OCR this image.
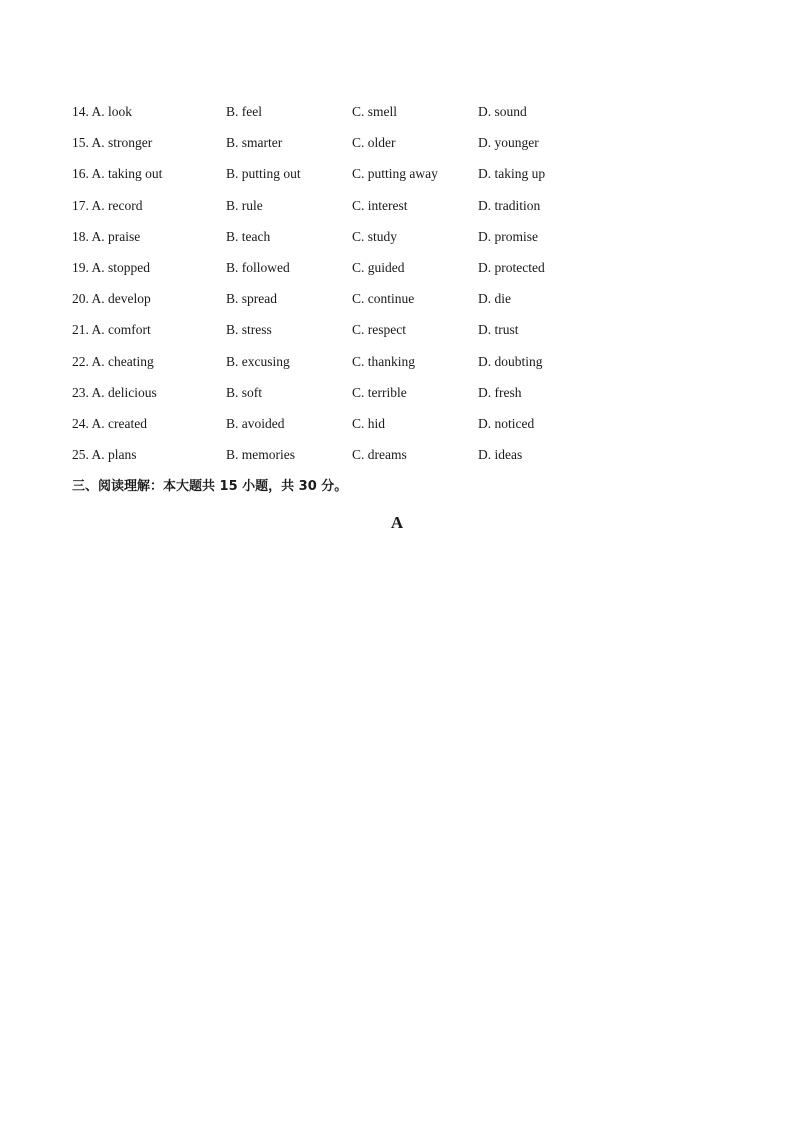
14. A. look	B. feel	C. smell	D. sound
15. A. stronger	B. smarter	C. older	D. younger
16. A. taking out	B. putting out	C. putting away	D. taking up
17. A. record	B. rule	C. interest	D. tradition
18. A. praise	B. teach	C. study	D. promise
19. A. stopped	B. followed	C. guided	D. protected
20. A. develop	B. spread	C. continue	D. die
21. A. comfort	B. stress	C. respect	D. trust
22. A. cheating	B. excusing	C. thanking	D. doubting
23. A. delicious	B. soft	C. terrible	D. fresh
24. A. created	B. avoided	C. hid	D. noticed
25. A. plans	B. memories	C. dreams	D. ideas
三、阅读理解：本大题共 15 小题，共 30 分。
A
